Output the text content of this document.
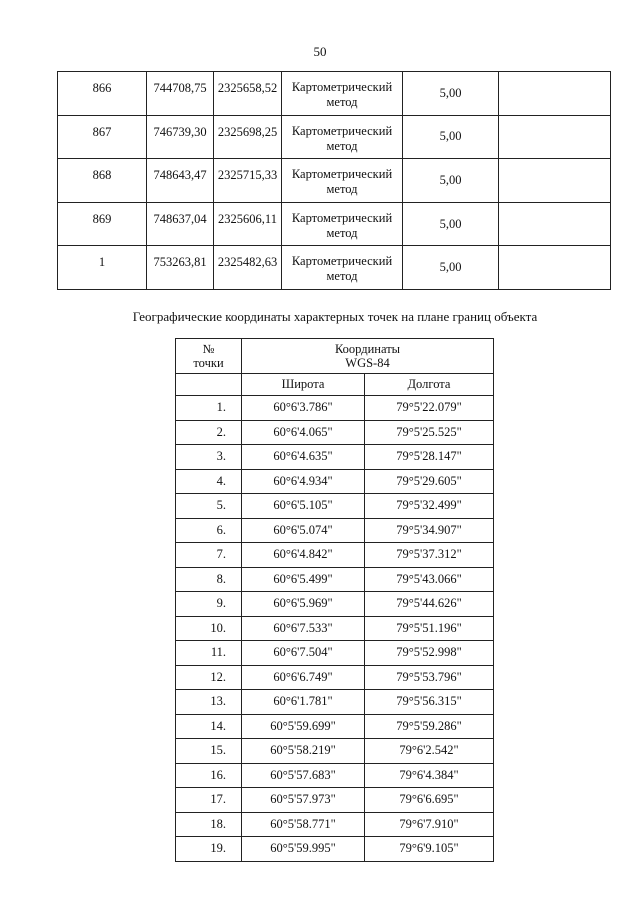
50
866	744708,75	2325658,52	Картометрический
метод	5,00	
867	746739,30	2325698,25	Картометрический
метод	5,00	
868	748643,47	2325715,33	Картометрический
метод	5,00	
869	748637,04	2325606,11	Картометрический
метод	5,00	
1	753263,81	2325482,63	Картометрический
метод	5,00	
Географические координаты характерных точек на плане границ объекта
№
точки	Координаты
WGS-84	
	Широта	Долгота
1.	60°6'3.786"	79°5'22.079"
2.	60°6'4.065"	79°5'25.525"
3.	60°6'4.635"	79°5'28.147"
4.	60°6'4.934"	79°5'29.605"
5.	60°6'5.105"	79°5'32.499"
6.	60°6'5.074"	79°5'34.907"
7.	60°6'4.842"	79°5'37.312"
8.	60°6'5.499"	79°5'43.066"
9.	60°6'5.969"	79°5'44.626"
10.	60°6'7.533"	79°5'51.196"
11.	60°6'7.504"	79°5'52.998"
12.	60°6'6.749"	79°5'53.796"
13.	60°6'1.781"	79°5'56.315"
14.	60°5'59.699"	79°5'59.286"
15.	60°5'58.219"	79°6'2.542"
16.	60°5'57.683"	79°6'4.384"
17.	60°5'57.973"	79°6'6.695"
18.	60°5'58.771"	79°6'7.910"
19.	60°5'59.995"	79°6'9.105"
